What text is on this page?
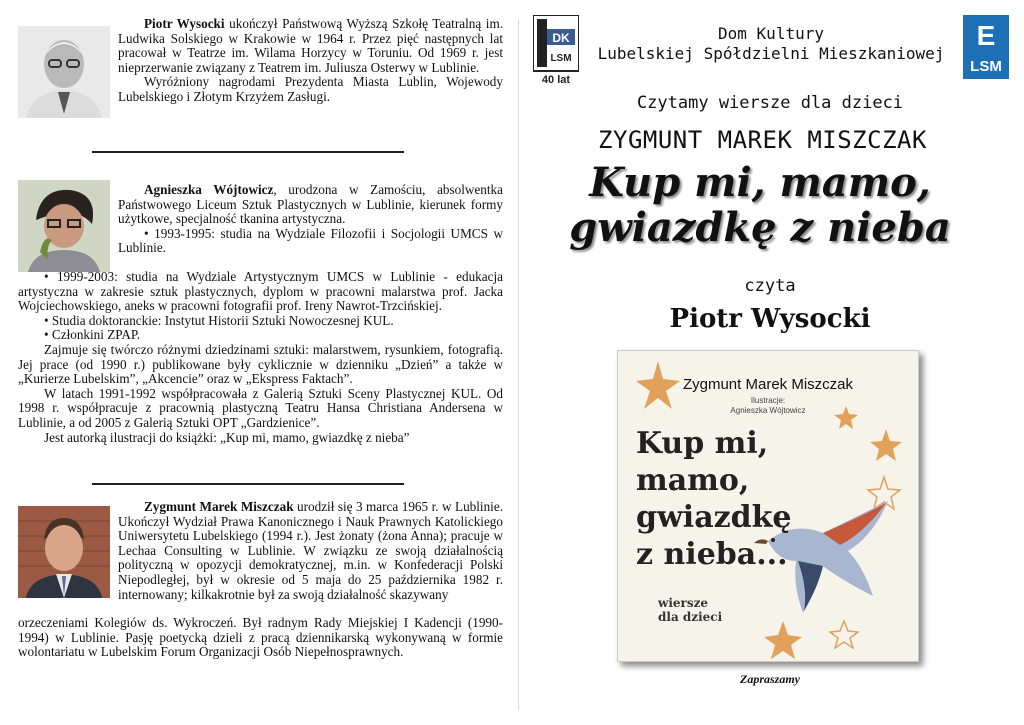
Piotr Wysocki ukończył Państwową Wyższą Szkołę Teatralną im. Ludwika Solskiego w Krakowie w 1964 r. Przez pięć następnych lat pracował w Teatrze im. Wilama Horzycy w Toruniu. Od 1969 r. jest nieprzerwanie związany z Teatrem im. Juliusza Osterwy w Lublinie.

Wyróżniony nagrodami Prezydenta Miasta Lublin, Wojewody Lubelskiego i Złotym Krzyżem Zasługi.

Agnieszka Wójtowicz, urodzona w Zamościu, absolwentka Państwowego Liceum Sztuk Plastycznych w Lublinie, kierunek formy użytkowe, specjalność tkanina artystyczna.

• 1993-1995: studia na Wydziale Filozofii i Socjologii UMCS w Lublinie.

• 1999-2003: studia na Wydziale Artystycznym UMCS w Lublinie - edukacja artystyczna w zakresie sztuk plastycznych, dyplom w pracowni malarstwa prof. Jacka Wojciechowskiego, aneks w pracowni fotografii prof. Ireny Nawrot-Trzcińskiej.

• Studia doktoranckie: Instytut Historii Sztuki Nowoczesnej KUL.

• Członkini ZPAP.

Zajmuje się twórczo różnymi dziedzinami sztuki: malarstwem, rysunkiem, fotografią. Jej prace (od 1990 r.) publikowane były cyklicznie w dzienniku „Dzień” a także w „Kurierze Lubelskim”, „Akcencie” oraz w „Ekspress Faktach”.

W latach 1991-1992 współpracowała z Galerią Sztuki Sceny Plastycznej KUL. Od 1998 r. współpracuje z pracownią plastyczną Teatru Hansa Christiana Andersena w Lublinie, a od 2005 z Galerią Sztuki OPT „Gardzienice”.

Jest autorką ilustracji do książki: „Kup mi, mamo, gwiazdkę z nieba”

Zygmunt Marek Miszczak urodził się 3 marca 1965 r. w Lublinie. Ukończył Wydział Prawa Kanonicznego i Nauk Prawnych Katolickiego Uniwersytetu Lubelskiego (1994 r.). Jest żonaty (żona Anna); pracuje w Lechaa Consulting w Lublinie. W związku ze swoją działalnością polityczną w opozycji demokratycznej, m.in. w Konfederacji Polski Niepodległej, był w okresie od 5 maja do 25 października 1982 r. internowany; kilkakrotnie był za swoją działalność skazywany

DK
LSM
40 lat
Dom Kultury
Lubelskiej Spółdzielni Mieszkaniowej
E
LSM
Czytamy wiersze dla dzieci
ZYGMUNT MAREK MISZCZAK
Kup mi, mamo,
gwiazdkę z nieba
czyta
Piotr Wysocki
Zygmunt Marek Miszczak
Ilustracje:
Agnieszka Wójtowicz
Kup mi,
mamo,
gwiazdkę
z nieba...
wiersze
dla dzieci
Zapraszamy

orzeczeniami Kolegiów ds. Wykroczeń. Był radnym Rady Miejskiej I Kadencji (1990-1994) w Lublinie. Pasję poetycką dzieli z pracą dziennikarską wykonywaną w formie wolontariatu w Lubelskim Forum Organizacji Osób Niepełnosprawnych.
